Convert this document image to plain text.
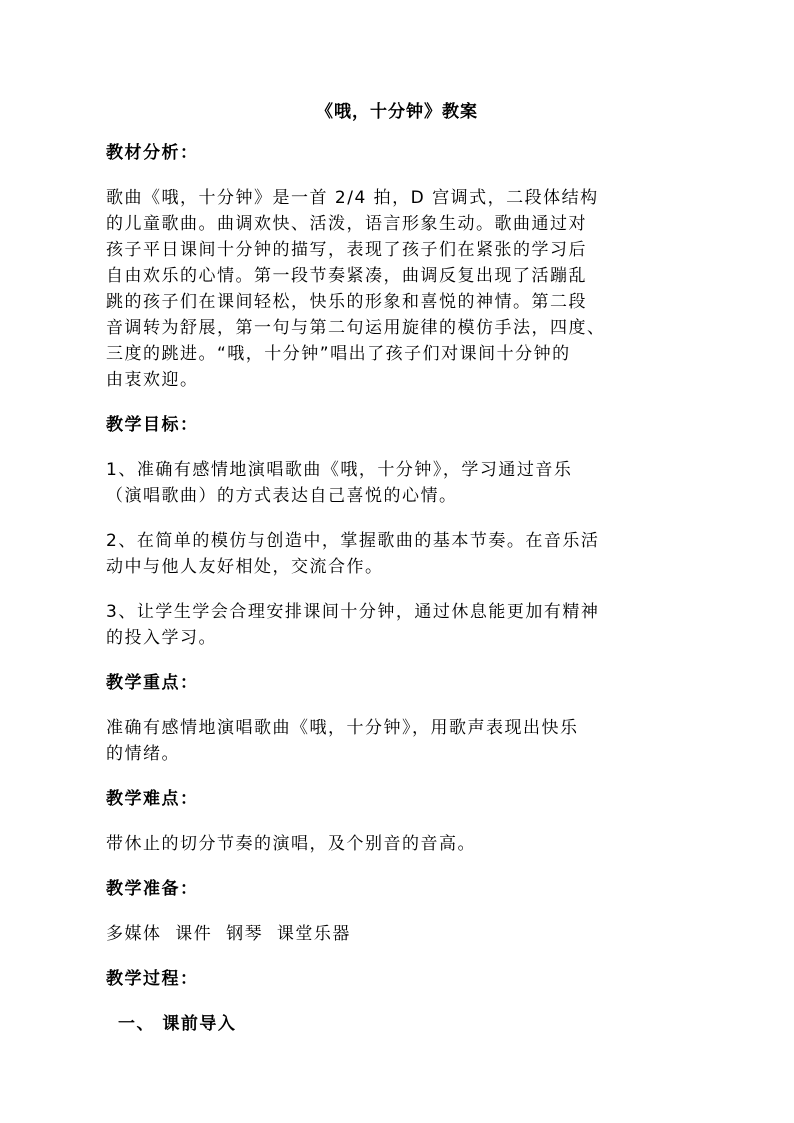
《哦，十分钟》教案
教材分析：
歌曲《哦，十分钟》是一首 2/4 拍，D 宫调式，二段体结构
的儿童歌曲。曲调欢快、活泼，语言形象生动。歌曲通过对
孩子平日课间十分钟的描写，表现了孩子们在紧张的学习后
自由欢乐的心情。第一段节奏紧凑，曲调反复出现了活蹦乱
跳的孩子们在课间轻松，快乐的形象和喜悦的神情。第二段
音调转为舒展，第一句与第二句运用旋律的模仿手法，四度、
三度的跳进。“哦，十分钟”唱出了孩子们对课间十分钟的
由衷欢迎。
教学目标：
1、准确有感情地演唱歌曲《哦，十分钟》，学习通过音乐
（演唱歌曲）的方式表达自己喜悦的心情。
2、在简单的模仿与创造中，掌握歌曲的基本节奏。在音乐活
动中与他人友好相处，交流合作。
3、让学生学会合理安排课间十分钟，通过休息能更加有精神
的投入学习。
教学重点：
准确有感情地演唱歌曲《哦，十分钟》，用歌声表现出快乐
的情绪。
教学难点：
带休止的切分节奏的演唱，及个别音的音高。
教学准备：
多媒体  课件  钢琴  课堂乐器
教学过程：
一、 课前导入
